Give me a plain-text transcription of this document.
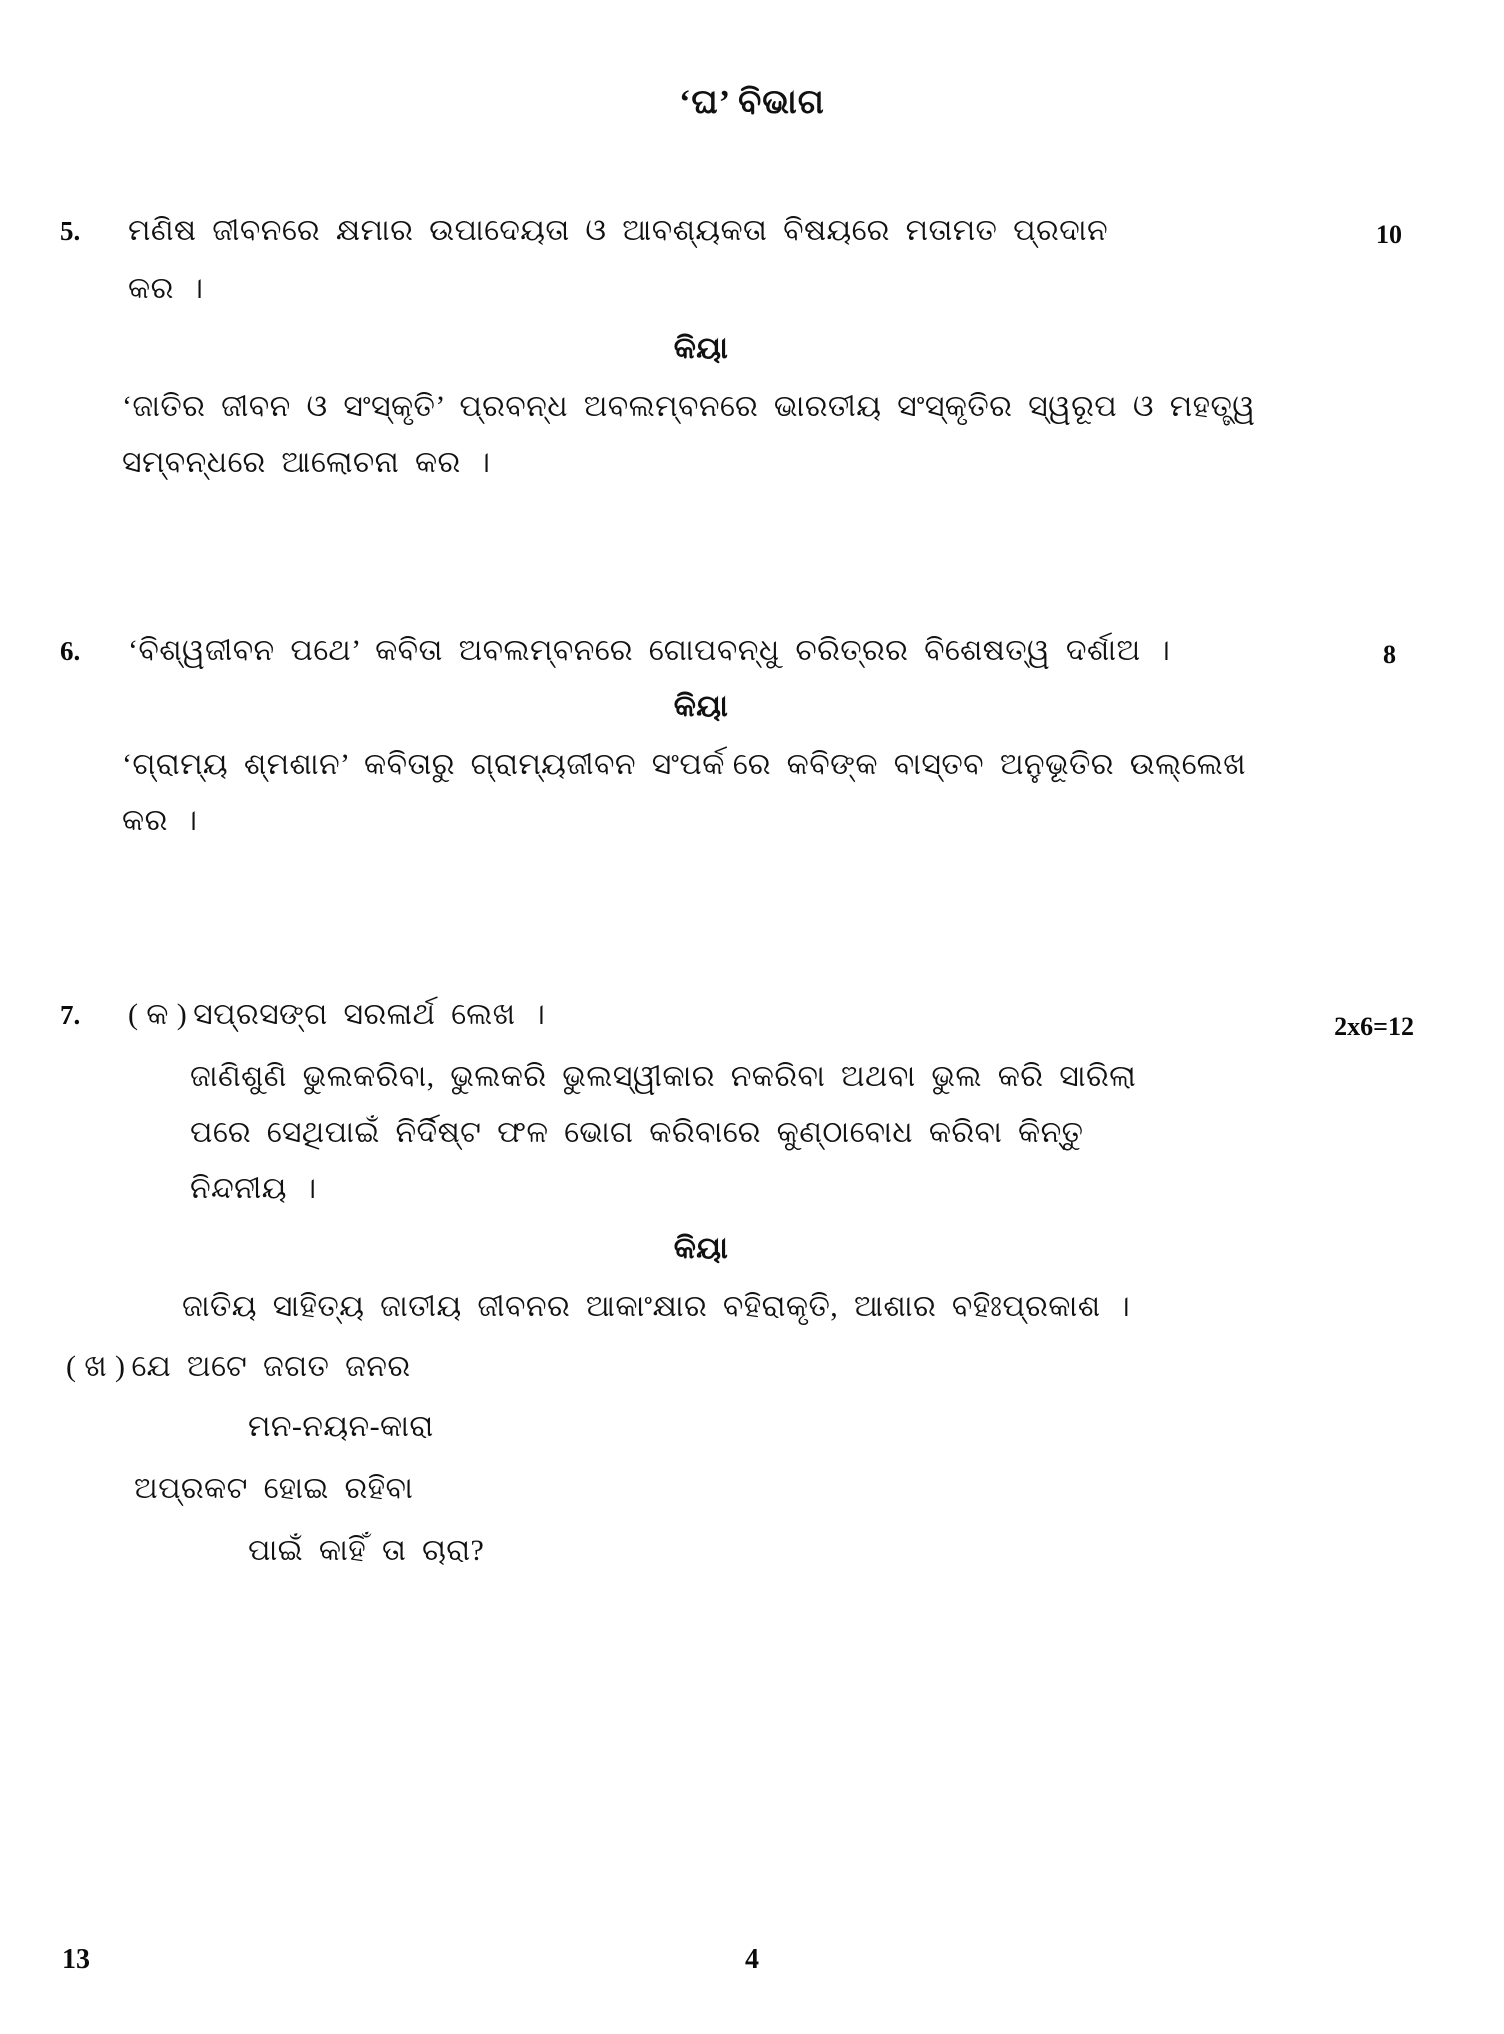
‘ଘ’ ବିଭାଗ
5.	10
ମଣିଷ  ଜୀବନରେ  କ୍ଷମାର  ଉପାଦେୟତା  ଓ  ଆବଶ୍ୟକତା  ବିଷୟରେ  ମତାମତ  ପ୍ରଦାନ
କର  ।
କିୟା
‘ଜାତିର  ଜୀବନ  ଓ  ସଂସ୍କୃତି’  ପ୍ରବନ୍ଧ  ଅବଲମ୍ବନରେ  ଭାରତୀୟ  ସଂସ୍କୃତିର  ସ୍ୱରୂପ  ଓ  ମହତ୍ତ୍ୱ
ସମ୍ବନ୍ଧରେ  ଆଲୋଚନା  କର  ।
6.	8
‘ବିଶ୍ୱଜୀବନ  ପଥେ’  କବିତା  ଅବଲମ୍ବନରେ  ଗୋପବନ୍ଧୁ  ଚରିତ୍ରର  ବିଶେଷତ୍ୱ  ଦର୍ଶାଅ  ।
କିୟା
‘ଗ୍ରାମ୍ୟ  ଶ୍ମଶାନ’  କବିତାରୁ  ଗ୍ରାମ୍ୟଜୀବନ  ସଂପର୍କ ରେ  କବିଙ୍କ  ବାସ୍ତବ  ଅନୁଭୂତିର  ଉଲ୍ଲେଖ
କର  ।
7.	2x6=12
( କ ) ସପ୍ରସଙ୍ଗ  ସରଳାର୍ଥ  ଲେଖ  ।
ଜାଣିଶୁଣି  ଭୁଲକରିବା,  ଭୁଲକରି  ଭୁଲସ୍ୱୀକାର  ନକରିବା  ଅଥବା  ଭୁଲ  କରି  ସାରିଲା
ପରେ  ସେଥିପାଇଁ  ନିର୍ଦିଷ୍ଟ  ଫଳ  ଭୋଗ  କରିବାରେ  କୁଣ୍ଠାବୋଧ  କରିବା  କିନ୍ତୁ
ନିନ୍ଦନୀୟ  ।
କିୟା
ଜାତିୟ  ସାହିତ୍ୟ  ଜାତୀୟ  ଜୀବନର  ଆକାଂକ୍ଷାର  ବହିରାକୃତି,  ଆଶାର  ବହିଃପ୍ରକାଶ  ।
( ଖ ) ଯେ  ଅଟେ  ଜଗତ  ଜନର
ମନ-ନୟନ-କାରା
ଅପ୍ରକଟ  ହୋଇ  ରହିବା
ପାଇଁ  କାହିଁ  ତା  ଚାରା?
13	4
